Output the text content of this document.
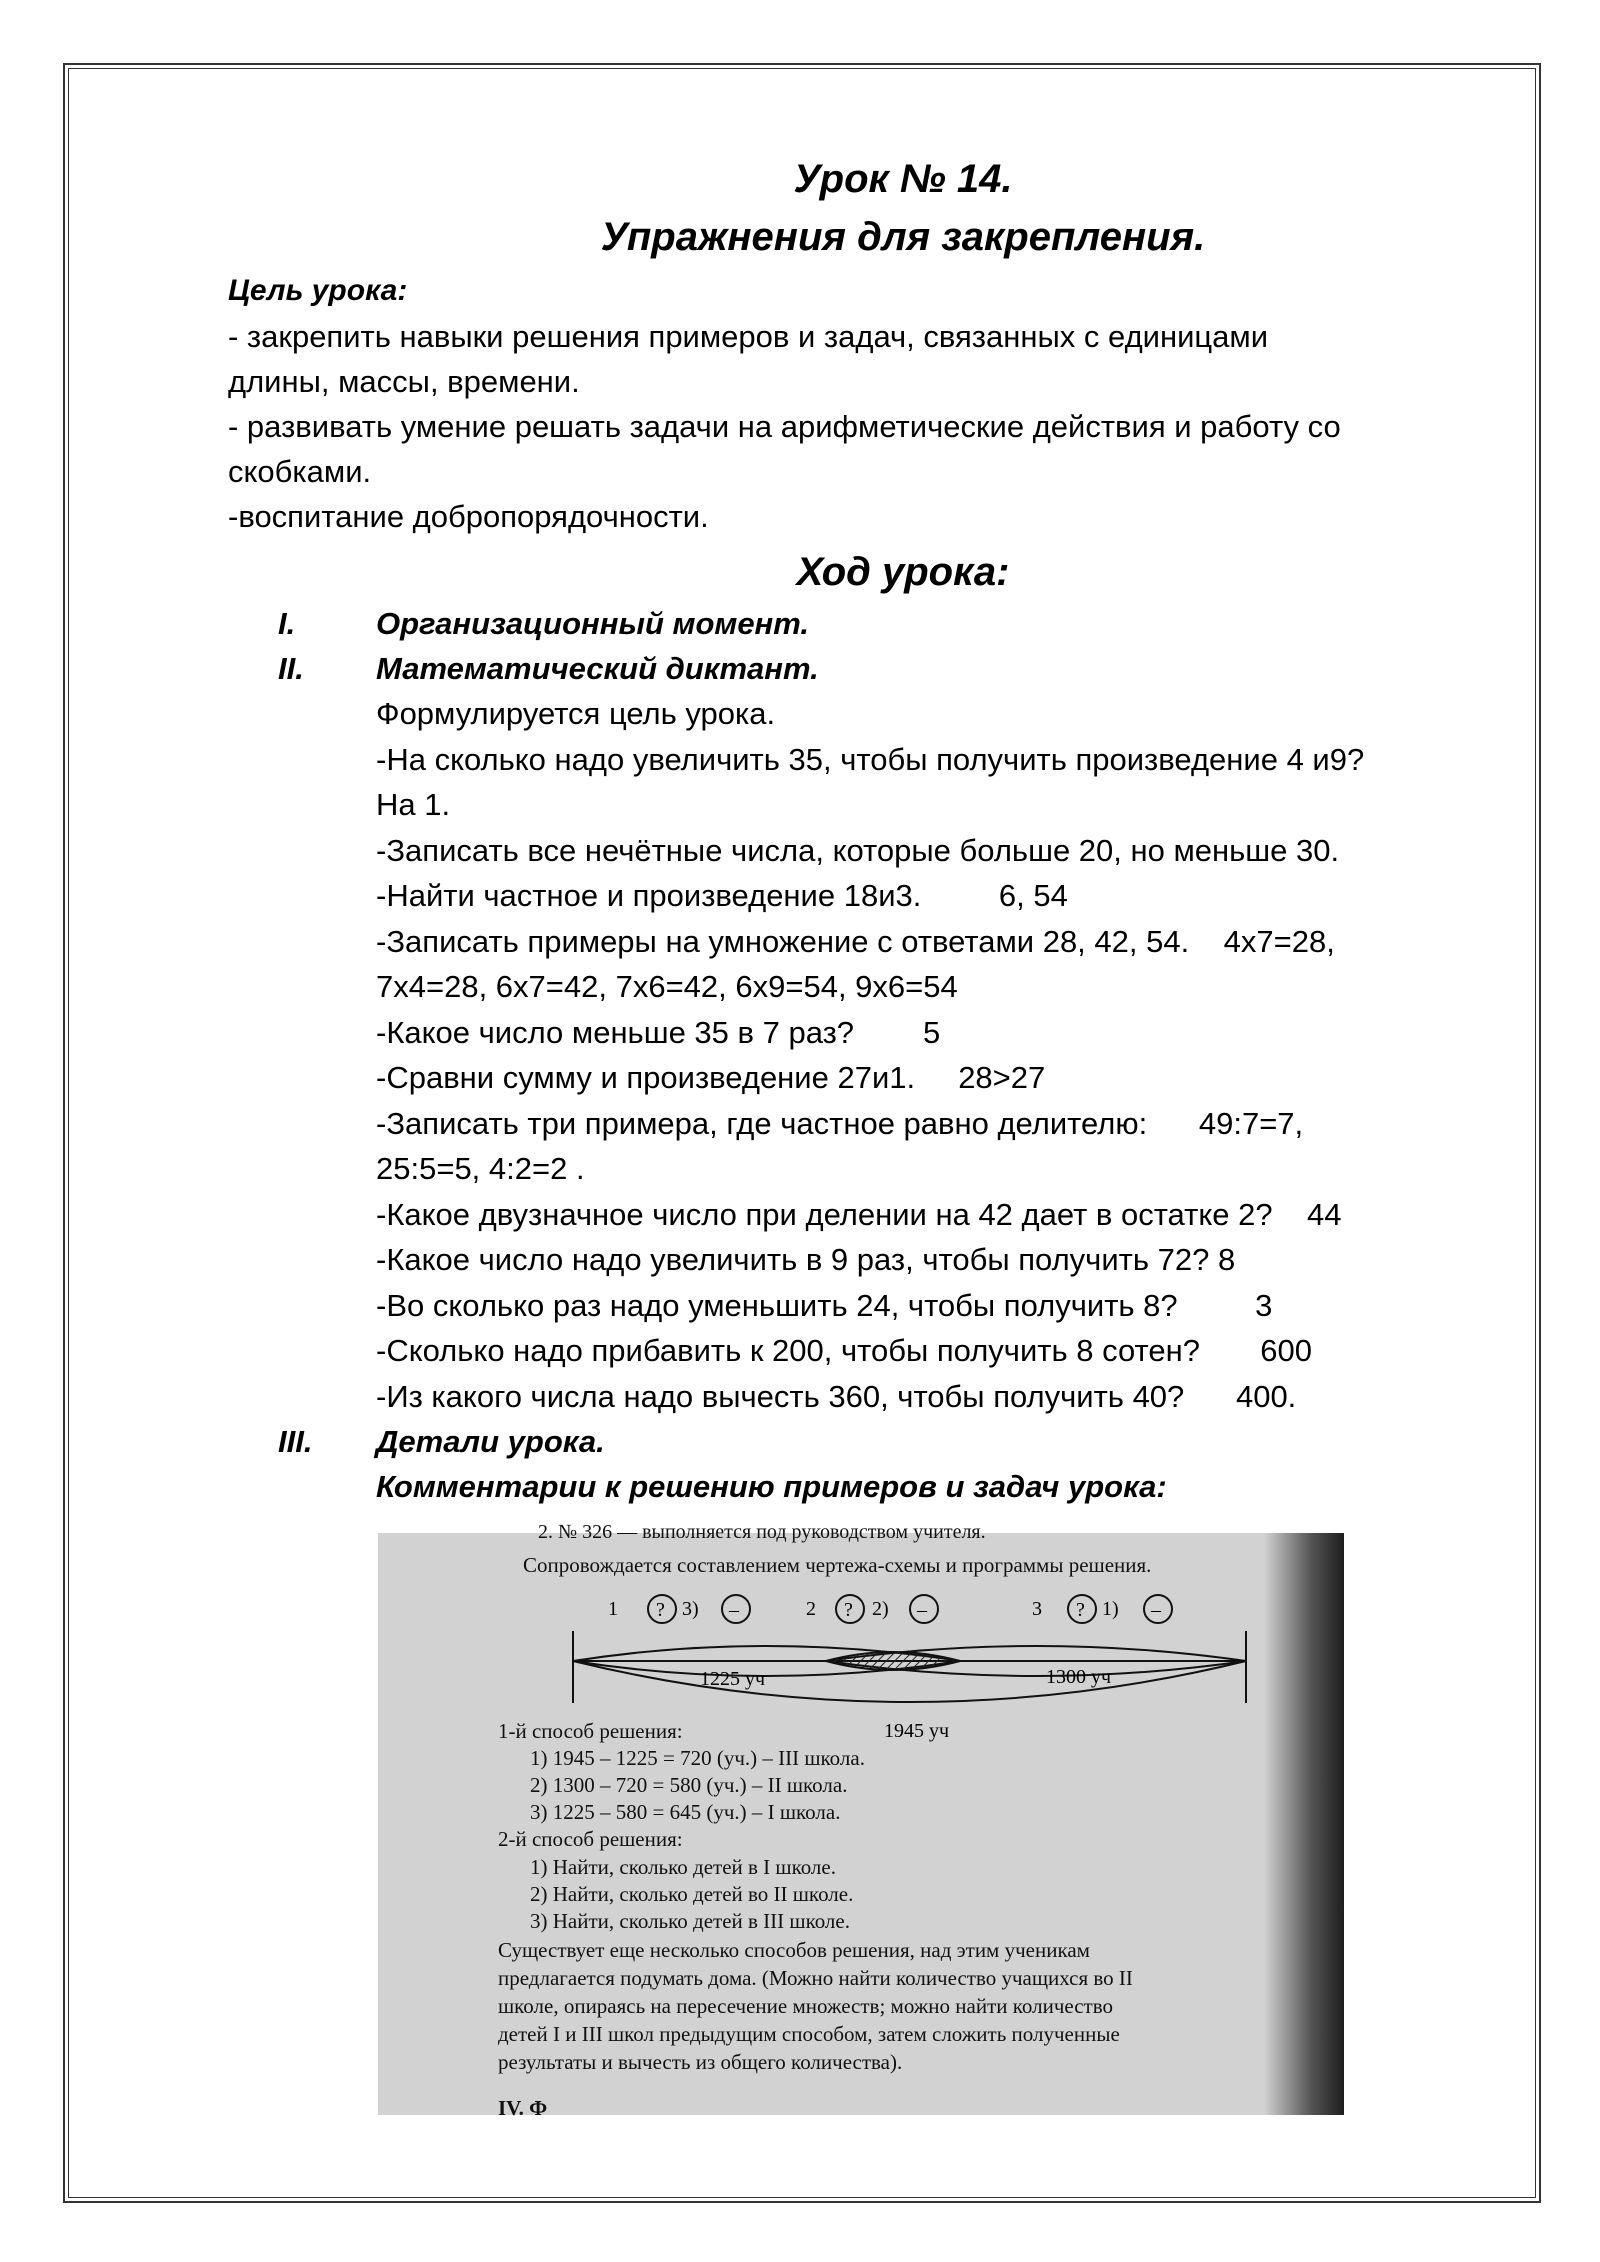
Урок № 14.
Упражнения для закрепления.
Цель урока:
- закрепить навыки решения примеров и задач, связанных с единицами
длины, массы, времени.
- развивать умение решать задачи на арифметические действия и работу со
скобками.
-воспитание добропорядочности.
Ход урока:
I.	Организационный момент.
II. Математический диктант.
Формулируется цель урока.
-На сколько надо увеличить 35, чтобы получить произведение 4 и9?
На 1.
-Записать все нечётные числа, которые больше 20, но меньше 30.
-Найти частное и произведение 18и3.         6, 54
-Записать примеры на умножение с ответами 28, 42, 54.    4х7=28,
7х4=28, 6х7=42, 7х6=42, 6х9=54, 9х6=54
-Какое число меньше 35 в 7 раз?        5
-Сравни сумму и произведение 27и1.     28>27
-Записать три примера, где частное равно делителю:      49:7=7,
25:5=5, 4:2=2 .
-Какое двузначное число при делении на 42 дает в остатке 2?    44
-Какое число надо увеличить в 9 раз, чтобы получить 72? 8
-Во сколько раз надо уменьшить 24, чтобы получить 8?         3
-Сколько надо прибавить к 200, чтобы получить 8 сотен?       600
-Из какого числа надо вычесть 360, чтобы получить 40?      400.
III. Детали урока.
Комментарии к решению примеров и задач урока:
2. № 326 — выполняется под руководством учителя.
Сопровождается составлением чертежа-схемы и программы решения.
1 ? 3) –	2 ? 2) –	3 ? 1) –
1225 уч	1300 уч
1945 уч
1-й способ решения:
1) 1945 – 1225 = 720 (уч.) – III школа.
2) 1300 – 720 = 580 (уч.) – II школа.
3) 1225 – 580 = 645 (уч.) – I школа.
2-й способ решения:
1) Найти, сколько детей в I школе.
2) Найти, сколько детей во II школе.
3) Найти, сколько детей в III школе.
Существует еще несколько способов решения, над этим ученикам
предлагается подумать дома. (Можно найти количество учащихся во II
школе, опираясь на пересечение множеств; можно найти количество
детей I и III школ предыдущим способом, затем сложить полученные
результаты и вычесть из общего количества).
IV. Ф
